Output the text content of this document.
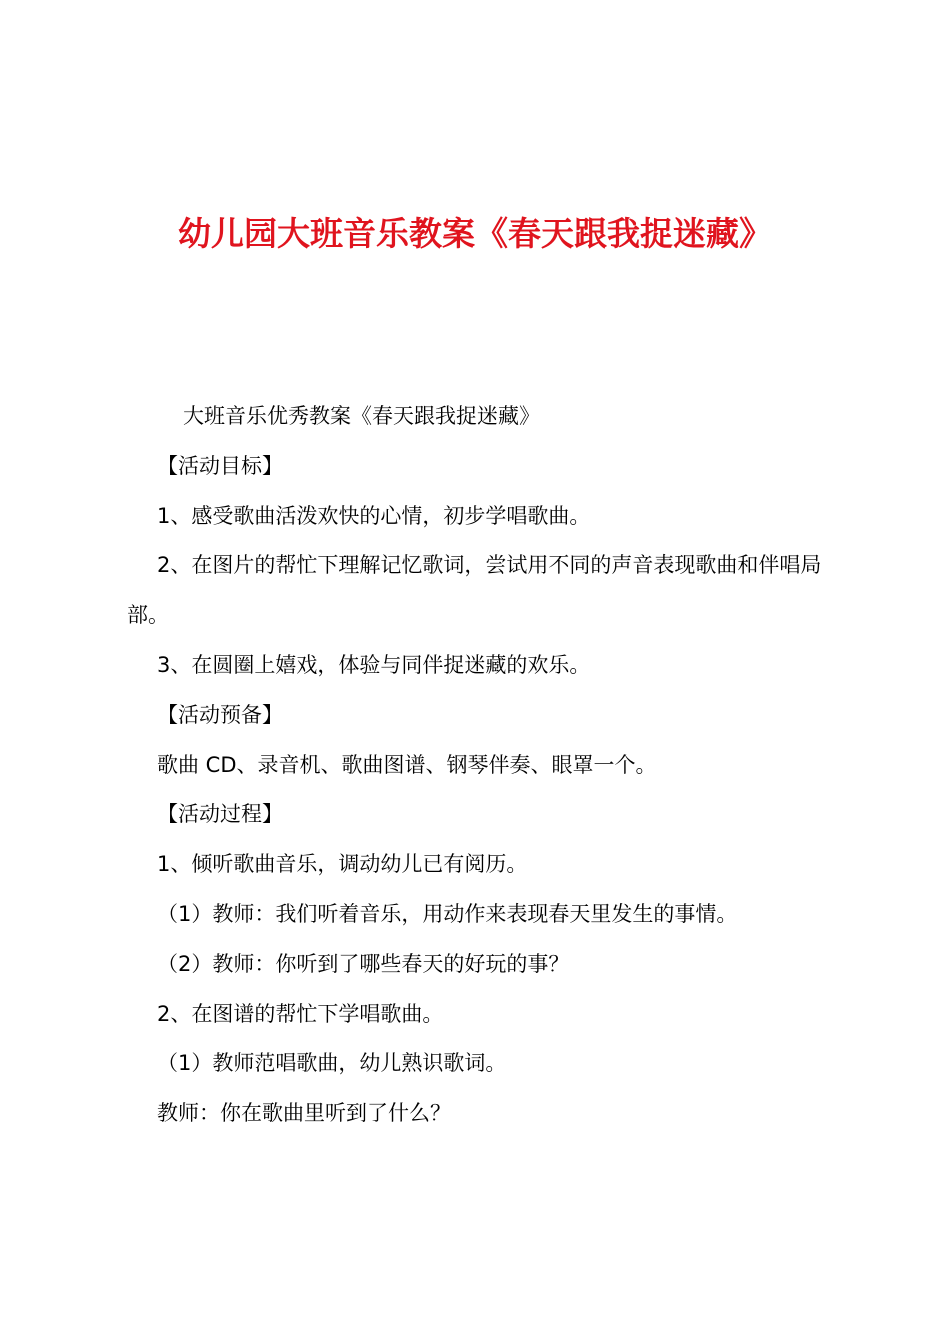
幼儿园大班音乐教案《春天跟我捉迷藏》

大班音乐优秀教案《春天跟我捉迷藏》

【活动目标】

1、感受歌曲活泼欢快的心情，初步学唱歌曲。

2、在图片的帮忙下理解记忆歌词，尝试用不同的声音表现歌曲和伴唱局部。

3、在圆圈上嬉戏，体验与同伴捉迷藏的欢乐。

【活动预备】

歌曲 CD、录音机、歌曲图谱、钢琴伴奏、眼罩一个。

【活动过程】

1、倾听歌曲音乐，调动幼儿已有阅历。

（1）教师：我们听着音乐，用动作来表现春天里发生的事情。

（2）教师：你听到了哪些春天的好玩的事？

2、在图谱的帮忙下学唱歌曲。

（1）教师范唱歌曲，幼儿熟识歌词。

教师：你在歌曲里听到了什么？
